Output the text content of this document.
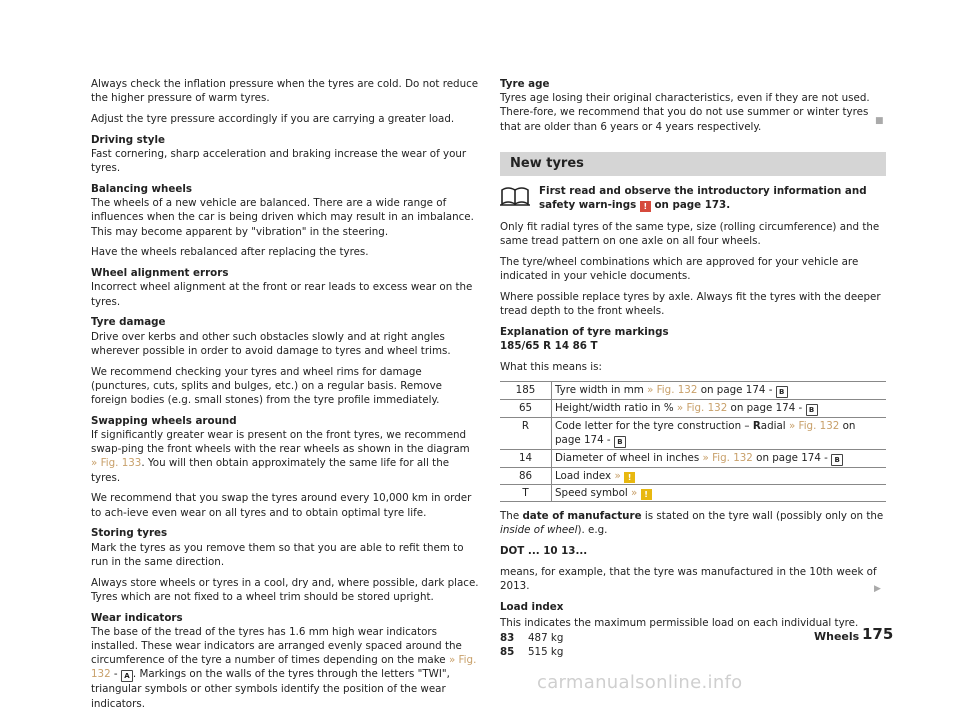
Always check the inflation pressure when the tyres are cold. Do not reduce the higher pressure of warm tyres.

Adjust the tyre pressure accordingly if you are carrying a greater load.

Driving style
Fast cornering, sharp acceleration and braking increase the wear of your tyres.

Balancing wheels
The wheels of a new vehicle are balanced. There are a wide range of influences when the car is being driven which may result in an imbalance. This may become apparent by "vibration" in the steering.

Have the wheels rebalanced after replacing the tyres.

Wheel alignment errors
Incorrect wheel alignment at the front or rear leads to excess wear on the tyres.

Tyre damage
Drive over kerbs and other such obstacles slowly and at right angles wherever possible in order to avoid damage to tyres and wheel trims.

We recommend checking your tyres and wheel rims for damage (punctures, cuts, splits and bulges, etc.) on a regular basis. Remove foreign bodies (e.g. small stones) from the tyre profile immediately.

Swapping wheels around
If significantly greater wear is present on the front tyres, we recommend swap-ping the front wheels with the rear wheels as shown in the diagram » Fig. 133. You will then obtain approximately the same life for all the tyres.

We recommend that you swap the tyres around every 10,000 km in order to ach-ieve even wear on all tyres and to obtain optimal tyre life.

Storing tyres
Mark the tyres as you remove them so that you are able to refit them to run in the same direction.

Always store wheels or tyres in a cool, dry and, where possible, dark place. Tyres which are not fixed to a wheel trim should be stored upright.

Wear indicators
The base of the tread of the tyres has 1.6 mm high wear indicators installed. These wear indicators are arranged evenly spaced around the circumference of the tyre a number of times depending on the make » Fig. 132 - A . Markings on the walls of the tyres through the letters "TWI", triangular symbols or other symbols identify the position of the wear indicators.

Tyre age
Tyres age losing their original characteristics, even if they are not used. There-fore, we recommend that you do not use summer or winter tyres that are older than 6 years or 4 years respectively.

New tyres
First read and observe the introductory information and safety warn-ings ! on page 173.

Only fit radial tyres of the same type, size (rolling circumference) and the same tread pattern on one axle on all four wheels.

The tyre/wheel combinations which are approved for your vehicle are indicated in your vehicle documents.

Where possible replace tyres by axle. Always fit the tyres with the deeper tread depth to the front wheels.

Explanation of tyre markings
185/65 R 14 86 T

What this means is:

185	Tyre width in mm » Fig. 132 on page 174 - B
65	Height/width ratio in % » Fig. 132 on page 174 - B
R	Code letter for the tyre construction – Radial » Fig. 132 on page 174 - B
14	Diameter of wheel in inches » Fig. 132 on page 174 - B
86	Load index » !
T	Speed symbol » !

The date of manufacture is stated on the tyre wall (possibly only on the inside of wheel). e.g.

DOT ... 10 13...

means, for example, that the tyre was manufactured in the 10th week of 2013.

Load index

This indicates the maximum permissible load on each individual tyre.

83	487 kg
85	515 kg
■
▶
Wheels 175
carmanualsonline.info
